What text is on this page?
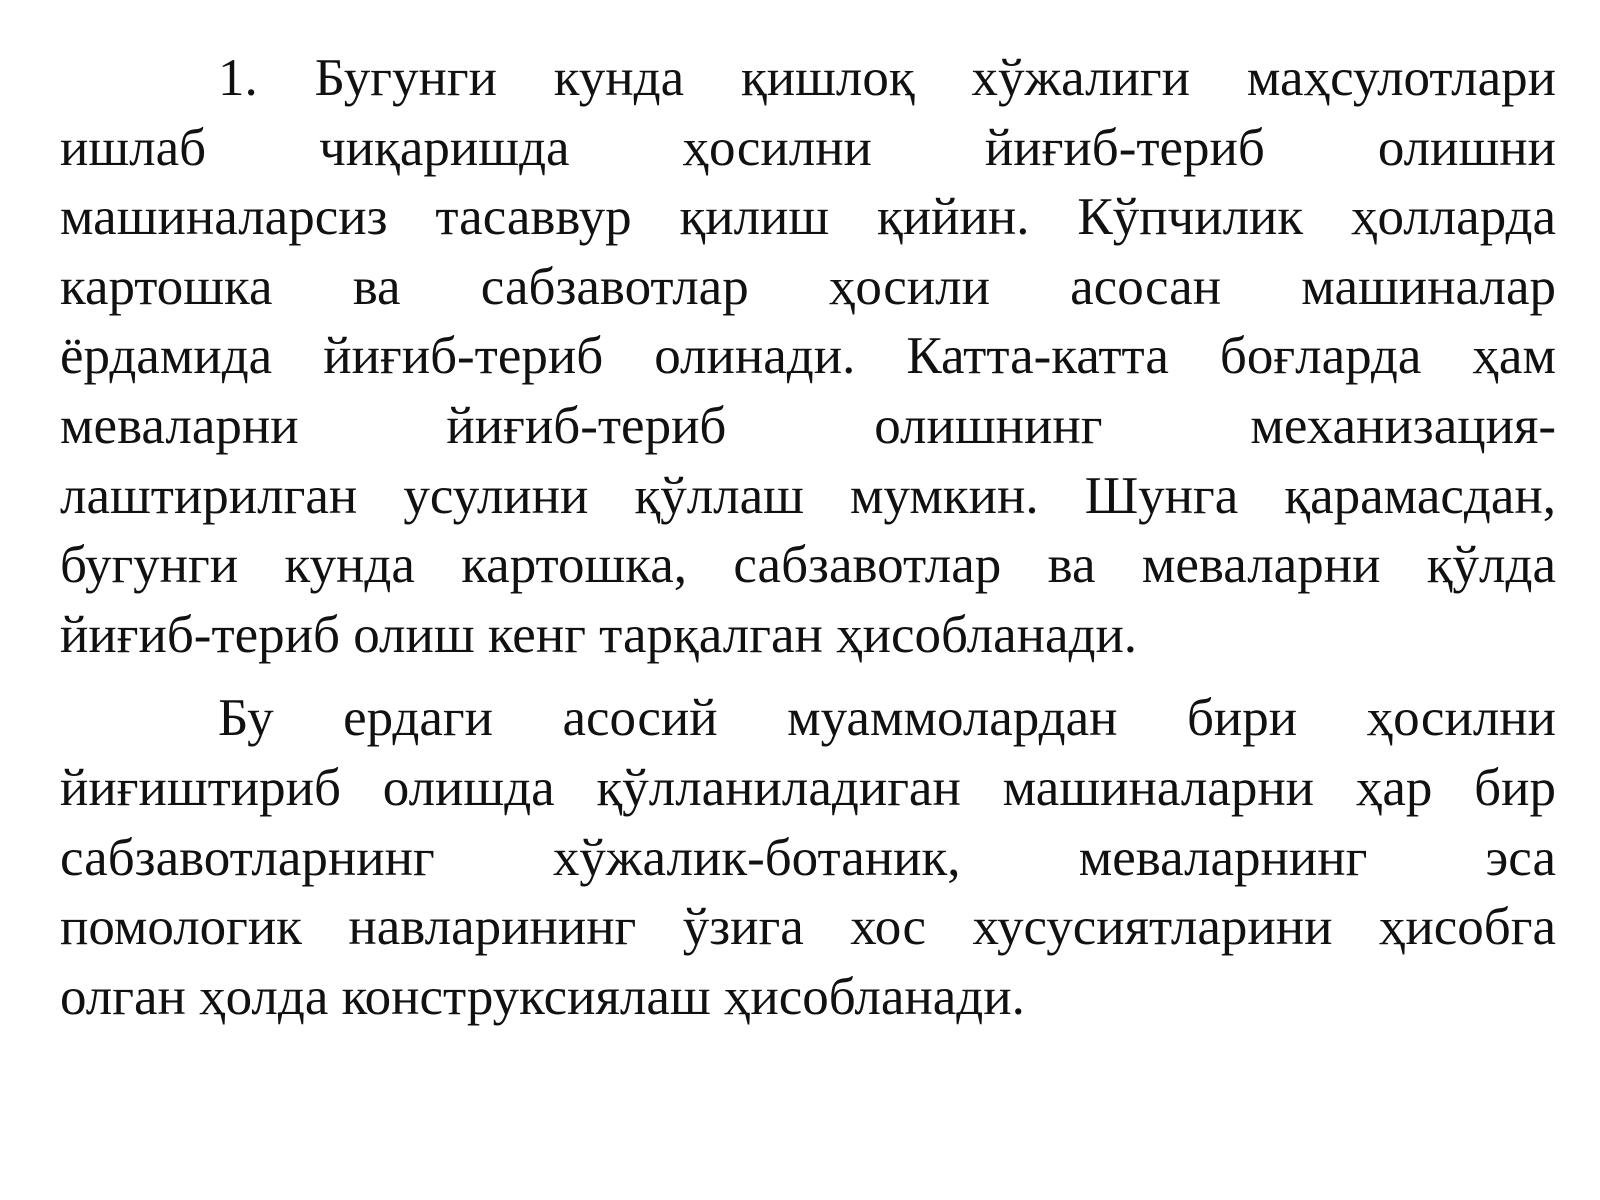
1. Бугунги кунда қишлоқ хўжалиги маҳсулотлари
ишлаб чиқаришда ҳосилни йиғиб-териб олишни
машиналарсиз тасаввур қилиш қийин. Кўпчилик ҳолларда
картошка ва сабзавотлар ҳосили асосан машиналар
ёрдамида йиғиб-териб олинади. Катта-катта боғларда ҳам
меваларни йиғиб-териб олишнинг механизация-
лаштирилган усулини қўллаш мумкин. Шунга қарамасдан,
бугунги кунда картошка, сабзавотлар ва меваларни қўлда
йиғиб-териб олиш кенг тарқалган ҳисобланади.

Бу ердаги асосий муаммолардан бири ҳосилни
йиғиштириб олишда қўлланиладиган машиналарни ҳар бир
сабзавотларнинг хўжалик-ботаник, меваларнинг эса
помологик навларининг ўзига хос хусусиятларини ҳисобга
олган ҳолда конструксиялаш ҳисобланади.
